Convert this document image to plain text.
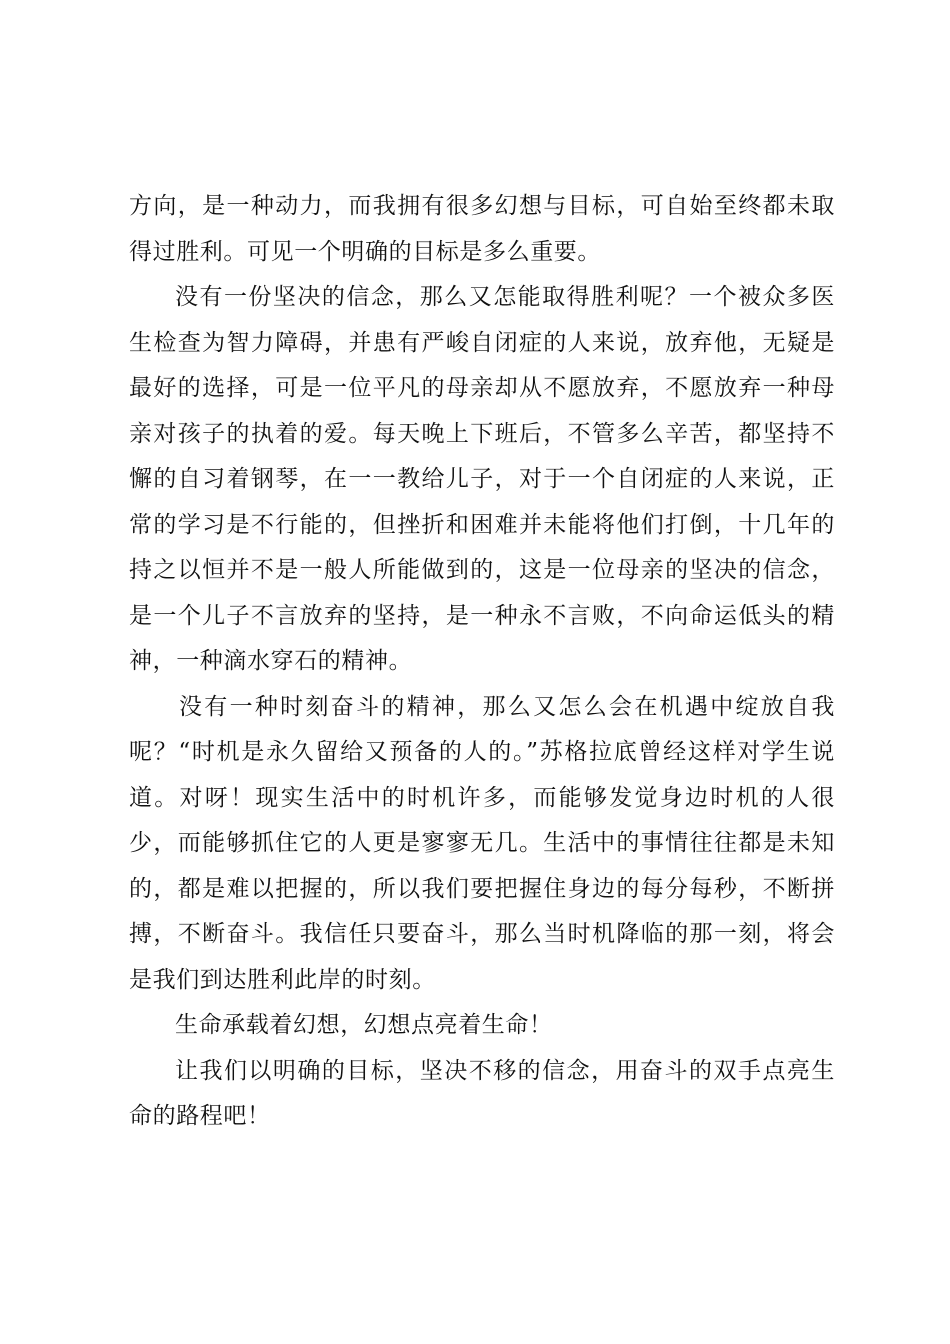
方向，是一种动力，而我拥有很多幻想与目标，可自始至终都未取得过胜利。可见一个明确的目标是多么重要。

没有一份坚决的信念，那么又怎能取得胜利呢？一个被众多医生检查为智力障碍，并患有严峻自闭症的人来说，放弃他，无疑是最好的选择，可是一位平凡的母亲却从不愿放弃，不愿放弃一种母亲对孩子的执着的爱。每天晚上下班后，不管多么辛苦，都坚持不懈的自习着钢琴，在一一教给儿子，对于一个自闭症的人来说，正常的学习是不行能的，但挫折和困难并未能将他们打倒，十几年的持之以恒并不是一般人所能做到的，这是一位母亲的坚决的信念，是一个儿子不言放弃的坚持，是一种永不言败，不向命运低头的精神，一种滴水穿石的精神。

没有一种时刻奋斗的精神，那么又怎么会在机遇中绽放自我呢？“时机是永久留给又预备的人的。”苏格拉底曾经这样对学生说道。对呀！现实生活中的时机许多，而能够发觉身边时机的人很少，而能够抓住它的人更是寥寥无几。生活中的事情往往都是未知的，都是难以把握的，所以我们要把握住身边的每分每秒，不断拼搏，不断奋斗。我信任只要奋斗，那么当时机降临的那一刻，将会是我们到达胜利此岸的时刻。

生命承载着幻想，幻想点亮着生命！

让我们以明确的目标，坚决不移的信念，用奋斗的双手点亮生命的路程吧！
